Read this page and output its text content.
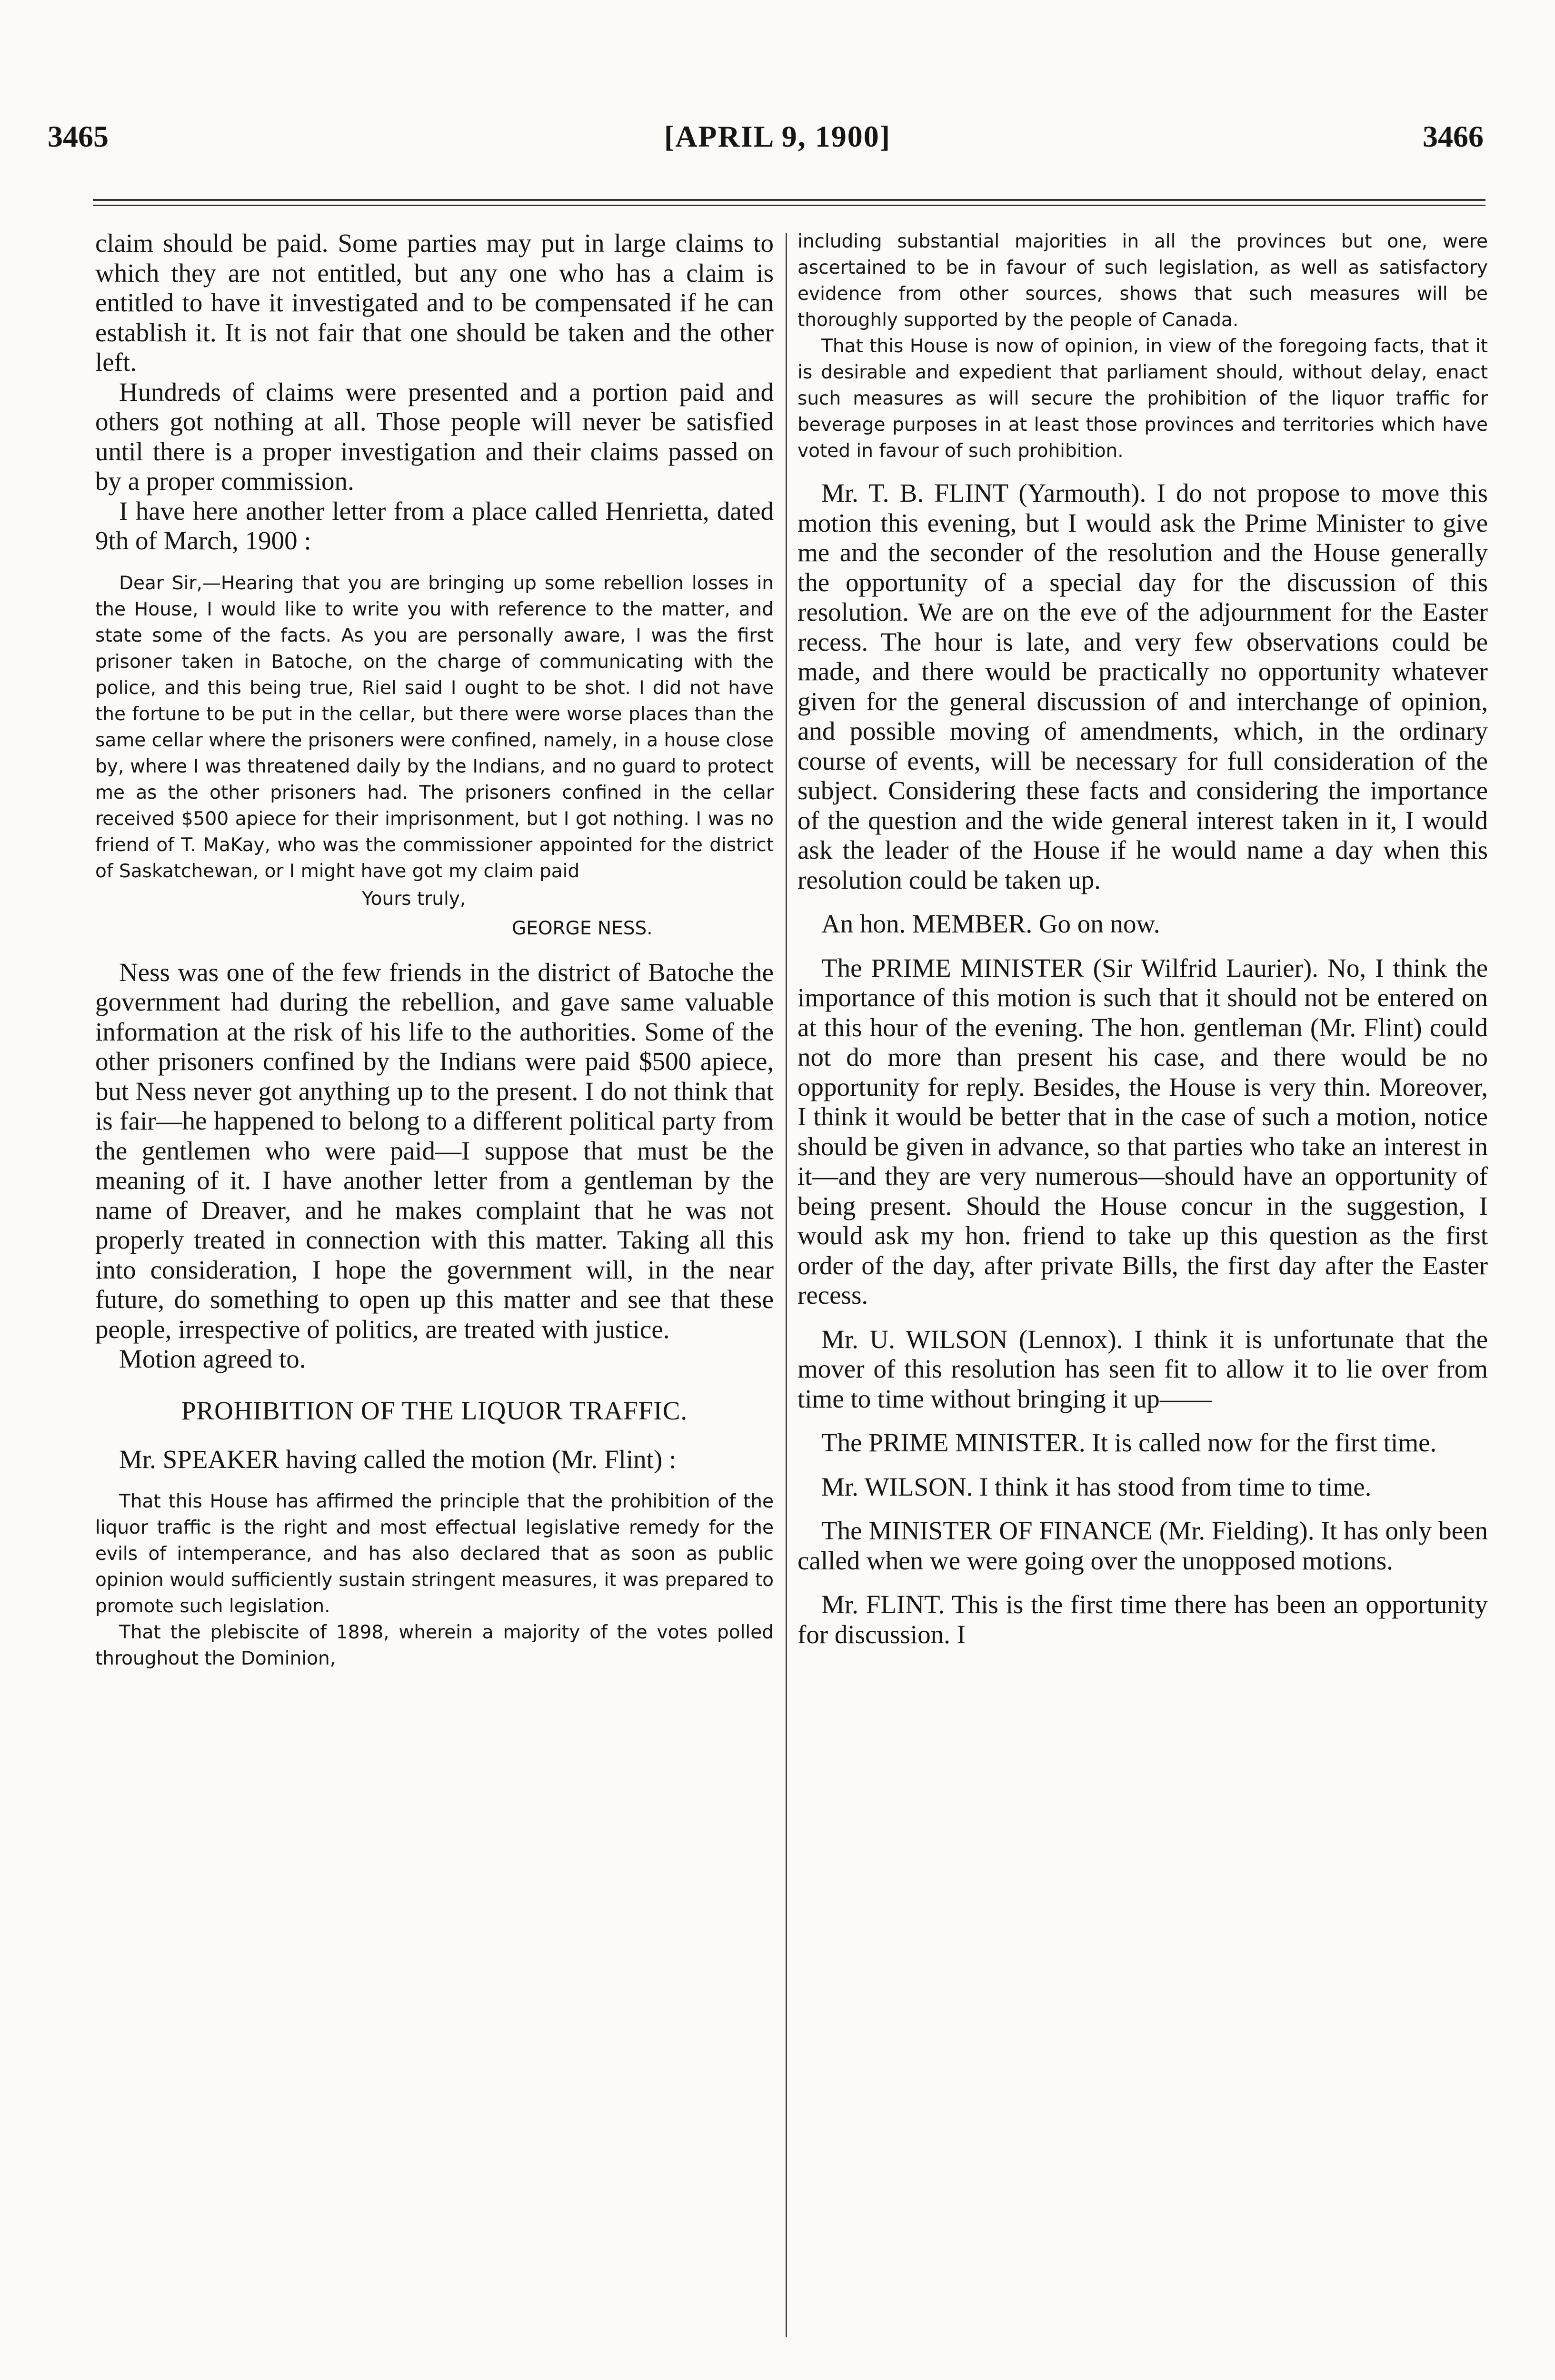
3465	[APRIL 9, 1900]	3466

claim should be paid. Some parties may put in large claims to which they are not entitled, but any one who has a claim is entitled to have it investigated and to be compensated if he can establish it. It is not fair that one should be taken and the other left.

Hundreds of claims were presented and a portion paid and others got nothing at all. Those people will never be satisfied until there is a proper investigation and their claims passed on by a proper commission.

I have here another letter from a place called Henrietta, dated 9th of March, 1900 :

Dear Sir,—Hearing that you are bringing up some rebellion losses in the House, I would like to write you with reference to the matter, and state some of the facts. As you are personally aware, I was the first prisoner taken in Batoche, on the charge of communicating with the police, and this being true, Riel said I ought to be shot. I did not have the fortune to be put in the cellar, but there were worse places than the same cellar where the prisoners were confined, namely, in a house close by, where I was threatened daily by the Indians, and no guard to protect me as the other prisoners had. The prisoners confined in the cellar received $500 apiece for their imprisonment, but I got nothing. I was no friend of T. MaKay, who was the commissioner appointed for the district of Saskatchewan, or I might have got my claim paid

Yours truly,

GEORGE NESS.

Ness was one of the few friends in the district of Batoche the government had during the rebellion, and gave same valuable information at the risk of his life to the authorities. Some of the other prisoners confined by the Indians were paid $500 apiece, but Ness never got anything up to the present. I do not think that is fair—he happened to belong to a different political party from the gentlemen who were paid—I suppose that must be the meaning of it. I have another letter from a gentleman by the name of Dreaver, and he makes complaint that he was not properly treated in connection with this matter. Taking all this into consideration, I hope the government will, in the near future, do something to open up this matter and see that these people, irrespective of politics, are treated with justice.

Motion agreed to.

PROHIBITION OF THE LIQUOR TRAFFIC.

Mr. SPEAKER having called the motion (Mr. Flint) :

That this House has affirmed the principle that the prohibition of the liquor traffic is the right and most effectual legislative remedy for the evils of intemperance, and has also declared that as soon as public opinion would sufficiently sustain stringent measures, it was prepared to promote such legislation.

That the plebiscite of 1898, wherein a majority of the votes polled throughout the Dominion,

including substantial majorities in all the provinces but one, were ascertained to be in favour of such legislation, as well as satisfactory evidence from other sources, shows that such measures will be thoroughly supported by the people of Canada.

That this House is now of opinion, in view of the foregoing facts, that it is desirable and expedient that parliament should, without delay, enact such measures as will secure the prohibition of the liquor traffic for beverage purposes in at least those provinces and territories which have voted in favour of such prohibition.

Mr. T. B. FLINT (Yarmouth). I do not propose to move this motion this evening, but I would ask the Prime Minister to give me and the seconder of the resolution and the House generally the opportunity of a special day for the discussion of this resolution. We are on the eve of the adjournment for the Easter recess. The hour is late, and very few observations could be made, and there would be practically no opportunity whatever given for the general discussion of and interchange of opinion, and possible moving of amendments, which, in the ordinary course of events, will be necessary for full consideration of the subject. Considering these facts and considering the importance of the question and the wide general interest taken in it, I would ask the leader of the House if he would name a day when this resolution could be taken up.

An hon. MEMBER. Go on now.

The PRIME MINISTER (Sir Wilfrid Laurier). No, I think the importance of this motion is such that it should not be entered on at this hour of the evening. The hon. gentleman (Mr. Flint) could not do more than present his case, and there would be no opportunity for reply. Besides, the House is very thin. Moreover, I think it would be better that in the case of such a motion, notice should be given in advance, so that parties who take an interest in it—and they are very numerous—should have an opportunity of being present. Should the House concur in the suggestion, I would ask my hon. friend to take up this question as the first order of the day, after private Bills, the first day after the Easter recess.

Mr. U. WILSON (Lennox). I think it is unfortunate that the mover of this resolution has seen fit to allow it to lie over from time to time without bringing it up——

The PRIME MINISTER. It is called now for the first time.

Mr. WILSON. I think it has stood from time to time.

The MINISTER OF FINANCE (Mr. Fielding). It has only been called when we were going over the unopposed motions.

Mr. FLINT. This is the first time there has been an opportunity for discussion. I
